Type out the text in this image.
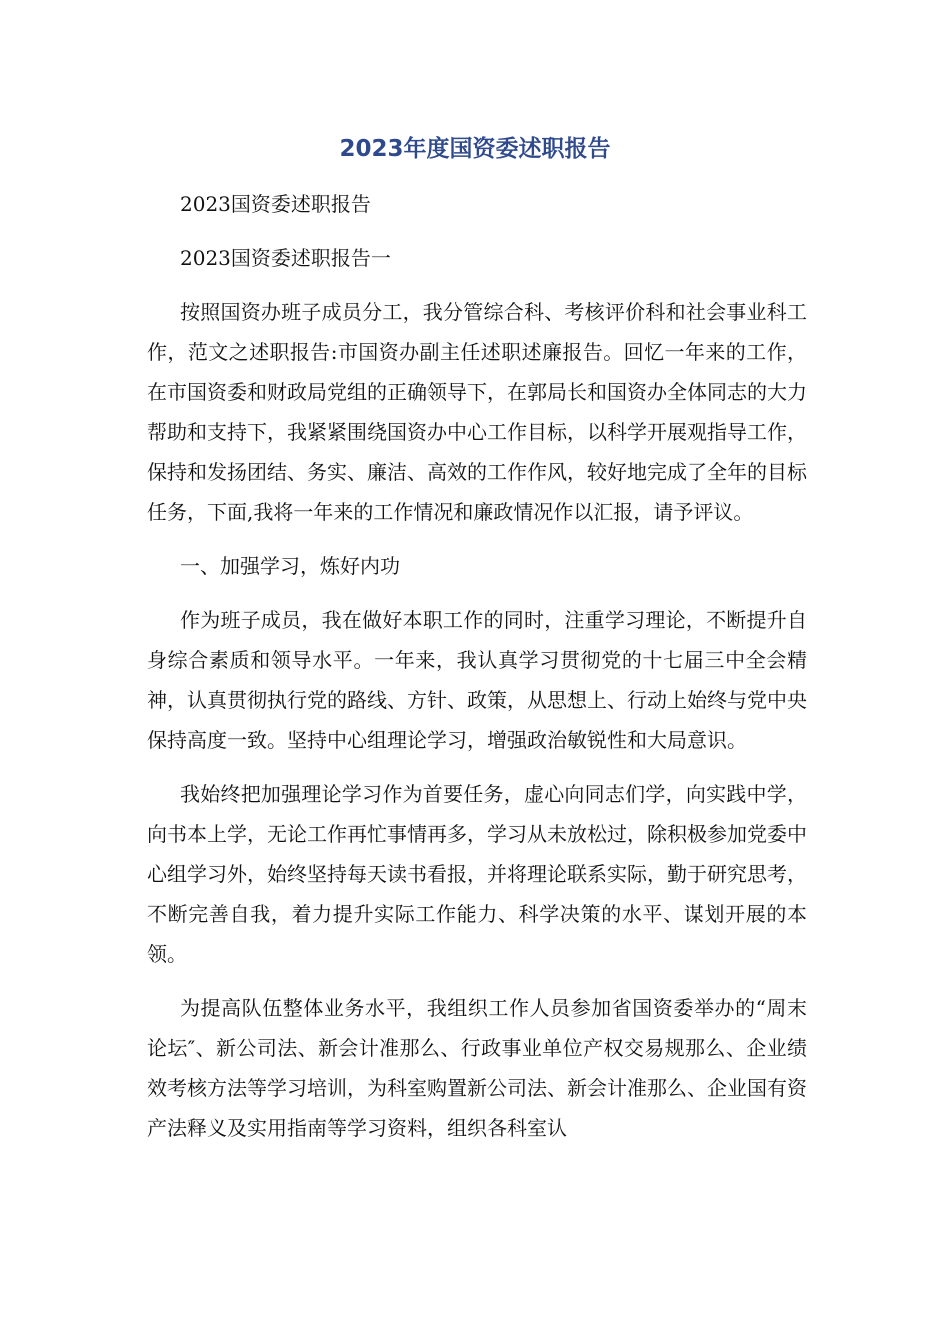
2023年度国资委述职报告

2023国资委述职报告

2023国资委述职报告一

按照国资办班子成员分工，我分管综合科、考核评价科和社会事业科工作，范文之述职报告:市国资办副主任述职述廉报告。回忆一年来的工作，在市国资委和财政局党组的正确领导下，在郭局长和国资办全体同志的大力帮助和支持下，我紧紧围绕国资办中心工作目标，以科学开展观指导工作，保持和发扬团结、务实、廉洁、高效的工作作风，较好地完成了全年的目标任务，下面,我将一年来的工作情况和廉政情况作以汇报，请予评议。

一、加强学习，炼好内功

作为班子成员，我在做好本职工作的同时，注重学习理论，不断提升自身综合素质和领导水平。一年来，我认真学习贯彻党的十七届三中全会精神，认真贯彻执行党的路线、方针、政策，从思想上、行动上始终与党中央保持高度一致。坚持中心组理论学习，增强政治敏锐性和大局意识。

我始终把加强理论学习作为首要任务，虚心向同志们学，向实践中学，向书本上学，无论工作再忙事情再多，学习从未放松过，除积极参加党委中心组学习外，始终坚持每天读书看报，并将理论联系实际，勤于研究思考，不断完善自我，着力提升实际工作能力、科学决策的水平、谋划开展的本领。

为提高队伍整体业务水平，我组织工作人员参加省国资委举办的“周末论坛″、新公司法、新会计准那么、行政事业单位产权交易规那么、企业绩效考核方法等学习培训，为科室购置新公司法、新会计准那么、企业国有资产法释义及实用指南等学习资料，组织各科室认
